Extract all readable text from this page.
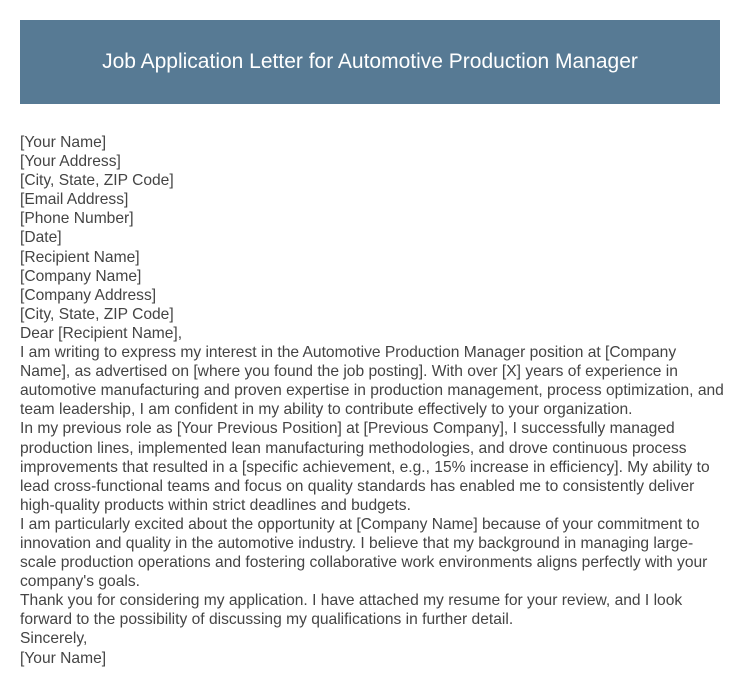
Job Application Letter for Automotive Production Manager
[Your Name]
[Your Address]
[City, State, ZIP Code]
[Email Address]
[Phone Number]
[Date]
[Recipient Name]
[Company Name]
[Company Address]
[City, State, ZIP Code]
Dear [Recipient Name],

I am writing to express my interest in the Automotive Production Manager position at [Company Name], as advertised on [where you found the job posting]. With over [X] years of experience in automotive manufacturing and proven expertise in production management, process optimization, and team leadership, I am confident in my ability to contribute effectively to your organization.

In my previous role as [Your Previous Position] at [Previous Company], I successfully managed production lines, implemented lean manufacturing methodologies, and drove continuous process improvements that resulted in a [specific achievement, e.g., 15% increase in efficiency]. My ability to lead cross-functional teams and focus on quality standards has enabled me to consistently deliver high-quality products within strict deadlines and budgets.

I am particularly excited about the opportunity at [Company Name] because of your commitment to innovation and quality in the automotive industry. I believe that my background in managing large-scale production operations and fostering collaborative work environments aligns perfectly with your company's goals.

Thank you for considering my application. I have attached my resume for your review, and I look forward to the possibility of discussing my qualifications in further detail.

Sincerely,
[Your Name]
